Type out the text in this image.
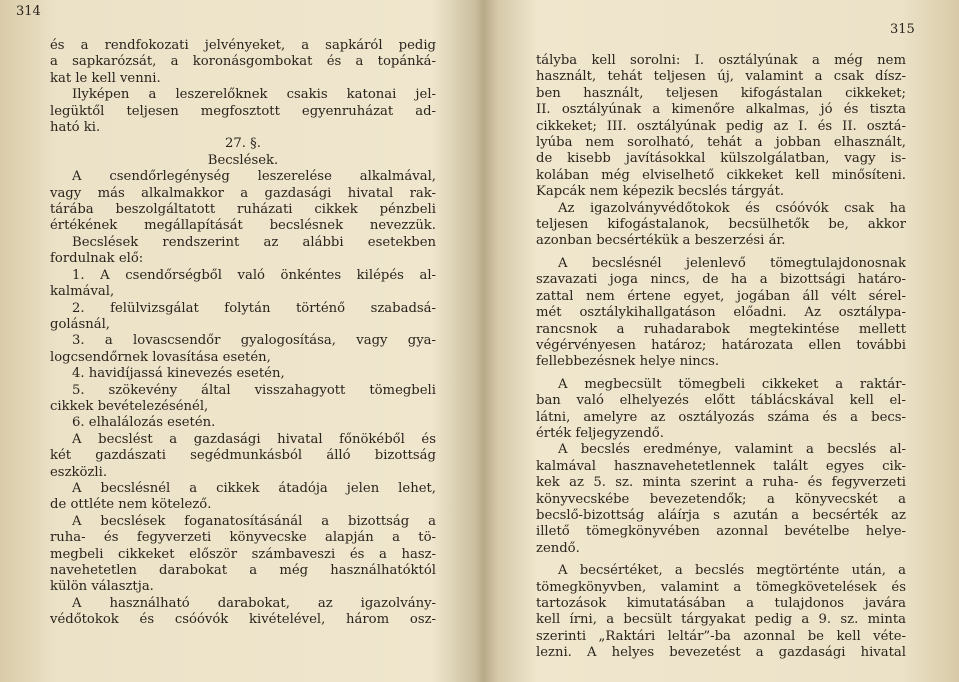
314
és a rendfokozati jelvényeket, a sapkáról pedig
a sapkarózsát, a koronásgombokat és a topánká-
kat le kell venni.
Ilyképen a leszerelőknek csakis katonai jel-
legüktől teljesen megfosztott egyenruházat ad-
ható ki.
27. §.
Becslések.
A csendőrlegénység leszerelése alkalmával,
vagy más alkalmakkor a gazdasági hivatal rak-
tárába beszolgáltatott ruházati cikkek pénzbeli
értékének megállapítását becslésnek nevezzük.
Becslések rendszerint az alábbi esetekben
fordulnak elő:
1. A csendőrségből való önkéntes kilépés al-
kalmával,
2. felülvizsgálat folytán történő szabadsá-
golásnál,
3. a lovascsendőr gyalogosítása, vagy gya-
logcsendőrnek lovasítása esetén,
4. havidíjassá kinevezés esetén,
5. szökevény által visszahagyott tömegbeli
cikkek bevételezésénél,
6. elhalálozás esetén.
A becslést a gazdasági hivatal főnökéből és
két gazdászati segédmunkásból álló bizottság
eszközli.
A becslésnél a cikkek átadója jelen lehet,
de ottléte nem kötelező.
A becslések foganatosításánál a bizottság a
ruha- és fegyverzeti könyvecske alapján a tö-
megbeli cikkeket először számbaveszi és a hasz-
navehetetlen darabokat a még használhatóktól
külön választja.
A használható darabokat, az igazolvány-
védőtokok és csóóvók kivételével, három osz-
315
tályba kell sorolni: I. osztályúnak a még nem
használt, tehát teljesen új, valamint a csak dísz-
ben használt, teljesen kifogástalan cikkeket;
II. osztályúnak a kimenőre alkalmas, jó és tiszta
cikkeket; III. osztályúnak pedig az I. és II. osztá-
lyúba nem sorolható, tehát a jobban elhasznált,
de kisebb javításokkal külszolgálatban, vagy is-
kolában még elviselhető cikkeket kell minősíteni.
Kapcák nem képezik becslés tárgyát.
Az igazolványvédőtokok és csóóvók csak ha
teljesen kifogástalanok, becsülhetők be, akkor
azonban becsértékük a beszerzési ár.
A becslésnél jelenlevő tömegtulajdonosnak
szavazati joga nincs, de ha a bizottsági határo-
zattal nem értene egyet, jogában áll vélt sérel-
mét osztálykihallgatáson előadni. Az osztálypa-
rancsnok a ruhadarabok megtekintése mellett
végérvényesen határoz; határozata ellen további
fellebbezésnek helye nincs.
A megbecsült tömegbeli cikkeket a raktár-
ban való elhelyezés előtt táblácskával kell el-
látni, amelyre az osztályozás száma és a becs-
érték feljegyzendő.
A becslés eredménye, valamint a becslés al-
kalmával hasznavehetetlennek talált egyes cik-
kek az 5. sz. minta szerint a ruha- és fegyverzeti
könyvecskébe bevezetendők; a könyvecskét a
becslő-bizottság aláírja s azután a becsérték az
illető tömegkönyvében azonnal bevételbe helye-
zendő.
A becsértéket, a becslés megtörténte után, a
tömegkönyvben, valamint a tömegkövetelések és
tartozások kimutatásában a tulajdonos javára
kell írni, a becsült tárgyakat pedig a 9. sz. minta
szerinti „Raktári leltár”-ba azonnal be kell véte-
lezni. A helyes bevezetést a gazdasági hivatal
